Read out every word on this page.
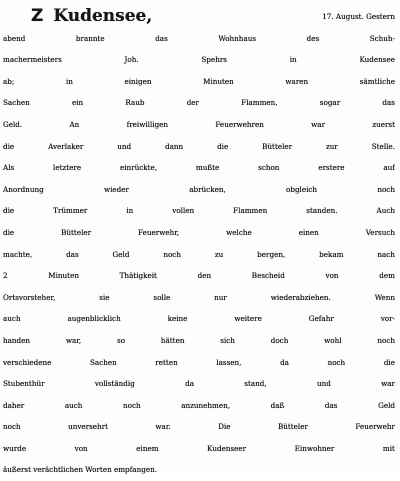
Z Kudensee,	17. August. Gestern
abend	brannte	das	Wohnhaus	des	Schuh-
machermeisters	Joh.	Spehrs	in	Kudensee
ab;	in	einigen	Minuten	waren	sämtliche
Sachen	ein	Raub	der	Flammen,	sogar	das
Geld.	An	freiwilligen	Feuerwehren	war	zuerst
die	Averlaker	und	dann	die	Bütteler	zur	Stelle.
Als	letztere	einrückte,	mußte	schon	erstere	auf
Anordnung	wieder	abrücken,	obgleich	noch
die	Trümmer	in	vollen	Flammen	standen.	Auch
die	Bütteler	Feuerwehr,	welche	einen	Versuch
machte,	das	Geld	noch	zu	bergen,	bekam	nach
2	Minuten	Thätigkeit	den	Bescheid	von	dem
Ortsvorsteher,	sie	solle	nur	wiederabziehen.	Wenn
auch	augenblicklich	keine	weitere	Gefahr	vor-
handen	war,	so	hätten	sich	doch	wohl	noch
verschiedene	Sachen	retten	lassen,	da	noch	die
Stubenthür	vollständig	da	stand,	und	war
daher	auch	noch	anzunehmen,	daß	das	Geld
noch	unversehrt	war.	Die	Bütteler	Feuerwehr
wurde	von	einem	Kudenseer	Einwohner	mit
äußerst verächtlichen Worten empfangen.
